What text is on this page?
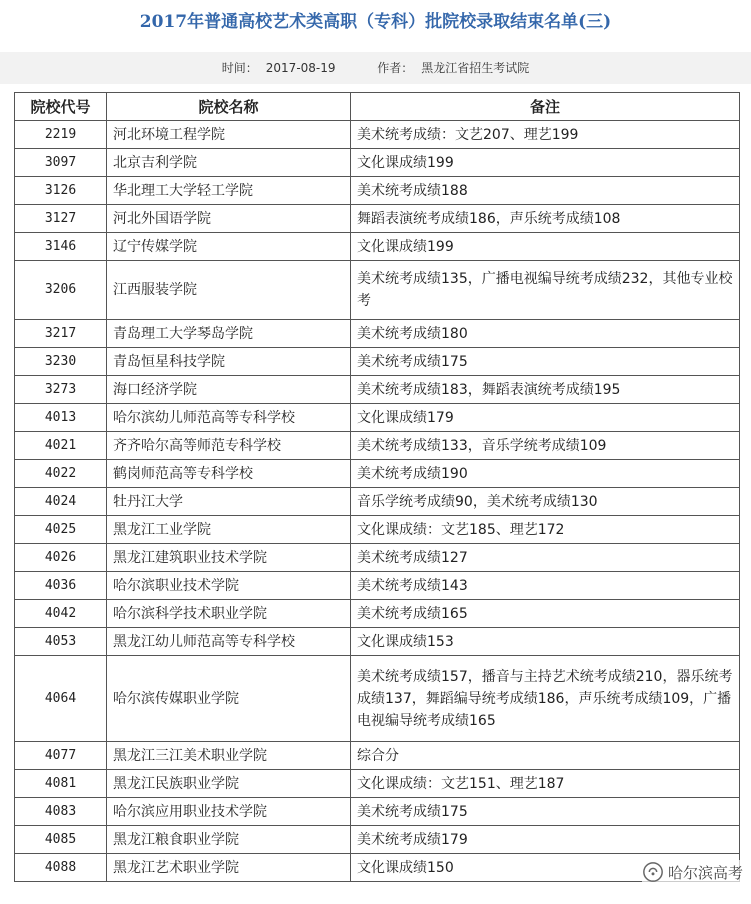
2017年普通高校艺术类高职（专科）批院校录取结束名单(三)
时间： 2017-08-19	作者： 黑龙江省招生考试院
院校代号	院校名称	备注
2219	河北环境工程学院	美术统考成绩：文艺207、理艺199
3097	北京吉利学院	文化课成绩199
3126	华北理工大学轻工学院	美术统考成绩188
3127	河北外国语学院	舞蹈表演统考成绩186，声乐统考成绩108
3146	辽宁传媒学院	文化课成绩199
3206	江西服装学院	美术统考成绩135，广播电视编导统考成绩232，其他专业校考
3217	青岛理工大学琴岛学院	美术统考成绩180
3230	青岛恒星科技学院	美术统考成绩175
3273	海口经济学院	美术统考成绩183，舞蹈表演统考成绩195
4013	哈尔滨幼儿师范高等专科学校	文化课成绩179
4021	齐齐哈尔高等师范专科学校	美术统考成绩133，音乐学统考成绩109
4022	鹤岗师范高等专科学校	美术统考成绩190
4024	牡丹江大学	音乐学统考成绩90，美术统考成绩130
4025	黑龙江工业学院	文化课成绩：文艺185、理艺172
4026	黑龙江建筑职业技术学院	美术统考成绩127
4036	哈尔滨职业技术学院	美术统考成绩143
4042	哈尔滨科学技术职业学院	美术统考成绩165
4053	黑龙江幼儿师范高等专科学校	文化课成绩153
4064	哈尔滨传媒职业学院	美术统考成绩157，播音与主持艺术统考成绩210，器乐统考成绩137，舞蹈编导统考成绩186，声乐统考成绩109，广播电视编导统考成绩165
4077	黑龙江三江美术职业学院	综合分
4081	黑龙江民族职业学院	文化课成绩：文艺151、理艺187
4083	哈尔滨应用职业技术学院	美术统考成绩175
4085	黑龙江粮食职业学院	美术统考成绩179
4088	黑龙江艺术职业学院	文化课成绩150	哈尔滨高考
